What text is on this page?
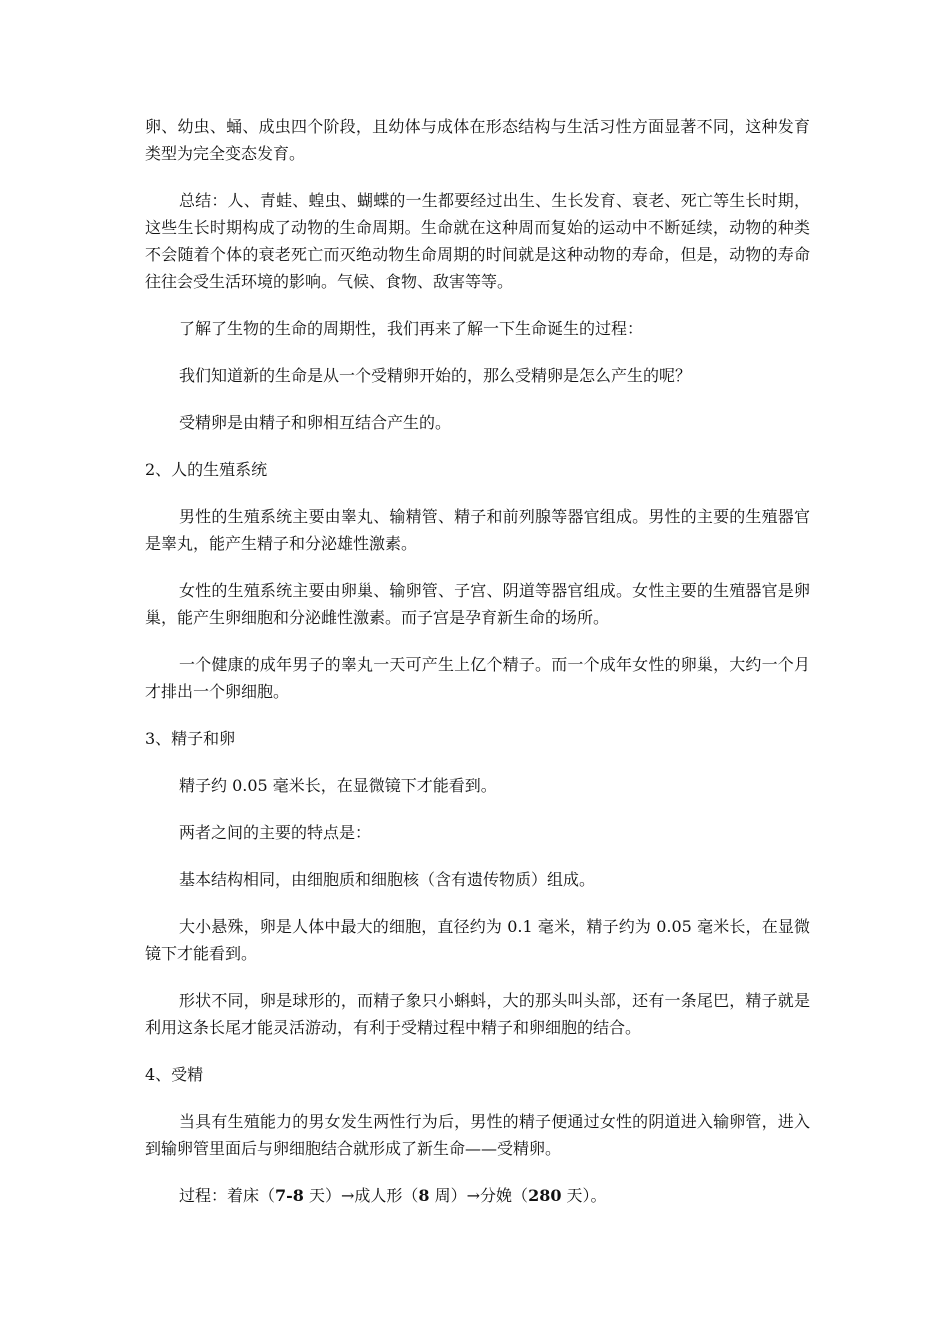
卵、幼虫、蛹、成虫四个阶段，且幼体与成体在形态结构与生活习性方面显著不同，这种发育类型为完全变态发育。

总结：人、青蛙、蝗虫、蝴蝶的一生都要经过出生、生长发育、衰老、死亡等生长时期，这些生长时期构成了动物的生命周期。生命就在这种周而复始的运动中不断延续，动物的种类不会随着个体的衰老死亡而灭绝动物生命周期的时间就是这种动物的寿命，但是，动物的寿命往往会受生活环境的影响。气候、食物、敌害等等。

了解了生物的生命的周期性，我们再来了解一下生命诞生的过程：

我们知道新的生命是从一个受精卵开始的，那么受精卵是怎么产生的呢？

受精卵是由精子和卵相互结合产生的。

2、人的生殖系统

男性的生殖系统主要由睾丸、输精管、精子和前列腺等器官组成。男性的主要的生殖器官是睾丸，能产生精子和分泌雄性激素。

女性的生殖系统主要由卵巢、输卵管、子宫、阴道等器官组成。女性主要的生殖器官是卵巢，能产生卵细胞和分泌雌性激素。而子宫是孕育新生命的场所。

一个健康的成年男子的睾丸一天可产生上亿个精子。而一个成年女性的卵巢，大约一个月才排出一个卵细胞。

3、精子和卵

精子约 0.05 毫米长，在显微镜下才能看到。

两者之间的主要的特点是：

基本结构相同，由细胞质和细胞核（含有遗传物质）组成。

大小悬殊，卵是人体中最大的细胞，直径约为 0.1 毫米，精子约为 0.05 毫米长，在显微镜下才能看到。

形状不同，卵是球形的，而精子象只小蝌蚪，大的那头叫头部，还有一条尾巴，精子就是利用这条长尾才能灵活游动，有利于受精过程中精子和卵细胞的结合。

4、受精

当具有生殖能力的男女发生两性行为后，男性的精子便通过女性的阴道进入输卵管，进入到输卵管里面后与卵细胞结合就形成了新生命——受精卵。

过程：着床（7-8 天）→成人形（8 周）→分娩（280 天）。
